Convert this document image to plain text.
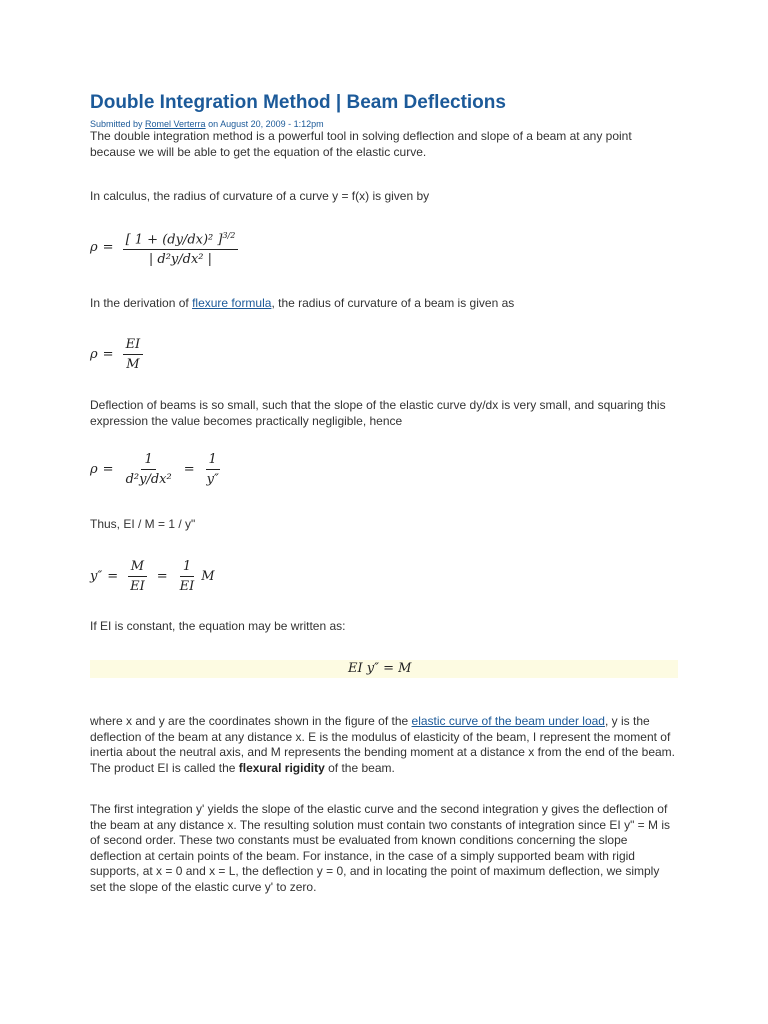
Double Integration Method | Beam Deflections
Submitted by Romel Verterra on August 20, 2009 - 1:12pm

The double integration method is a powerful tool in solving deflection and slope of a beam at any point because we will be able to get the equation of the elastic curve.

In calculus, the radius of curvature of a curve y = f(x) is given by

$\rho = \frac{[ 1 + (dy/dx)^2 ]^{3/2}}{\text{| d²y/dx² |}}$

In the derivation of flexure formula, the radius of curvature of a beam is given as

$\rho = \frac{EI}{M}$

Deflection of beams is so small, such that the slope of the elastic curve dy/dx is very small, and squaring this expression the value becomes practically negligible, hence

$\rho = \frac{1}{\text{d²y/dx²}} = \frac{1}{y''}$

Thus, EI / M = 1 / y"

$y'' = \frac{M}{EI} = \frac{1}{EI}$ M

If EI is constant, the equation may be written as:

EI y″ = M

where x and y are the coordinates shown in the figure of the elastic curve of the beam under load, y is the deflection of the beam at any distance x. E is the modulus of elasticity of the beam, I represent the moment of inertia about the neutral axis, and M represents the bending moment at a distance x from the end of the beam. The product EI is called the flexural rigidity of the beam.

The first integration y' yields the slope of the elastic curve and the second integration y gives the deflection of the beam at any distance x. The resulting solution must contain two constants of integration since EI y" = M is of second order. These two constants must be evaluated from known conditions concerning the slope deflection at certain points of the beam. For instance, in the case of a simply supported beam with rigid supports, at x = 0 and x = L, the deflection y = 0, and in locating the point of maximum deflection, we simply set the slope of the elastic curve y' to zero.
